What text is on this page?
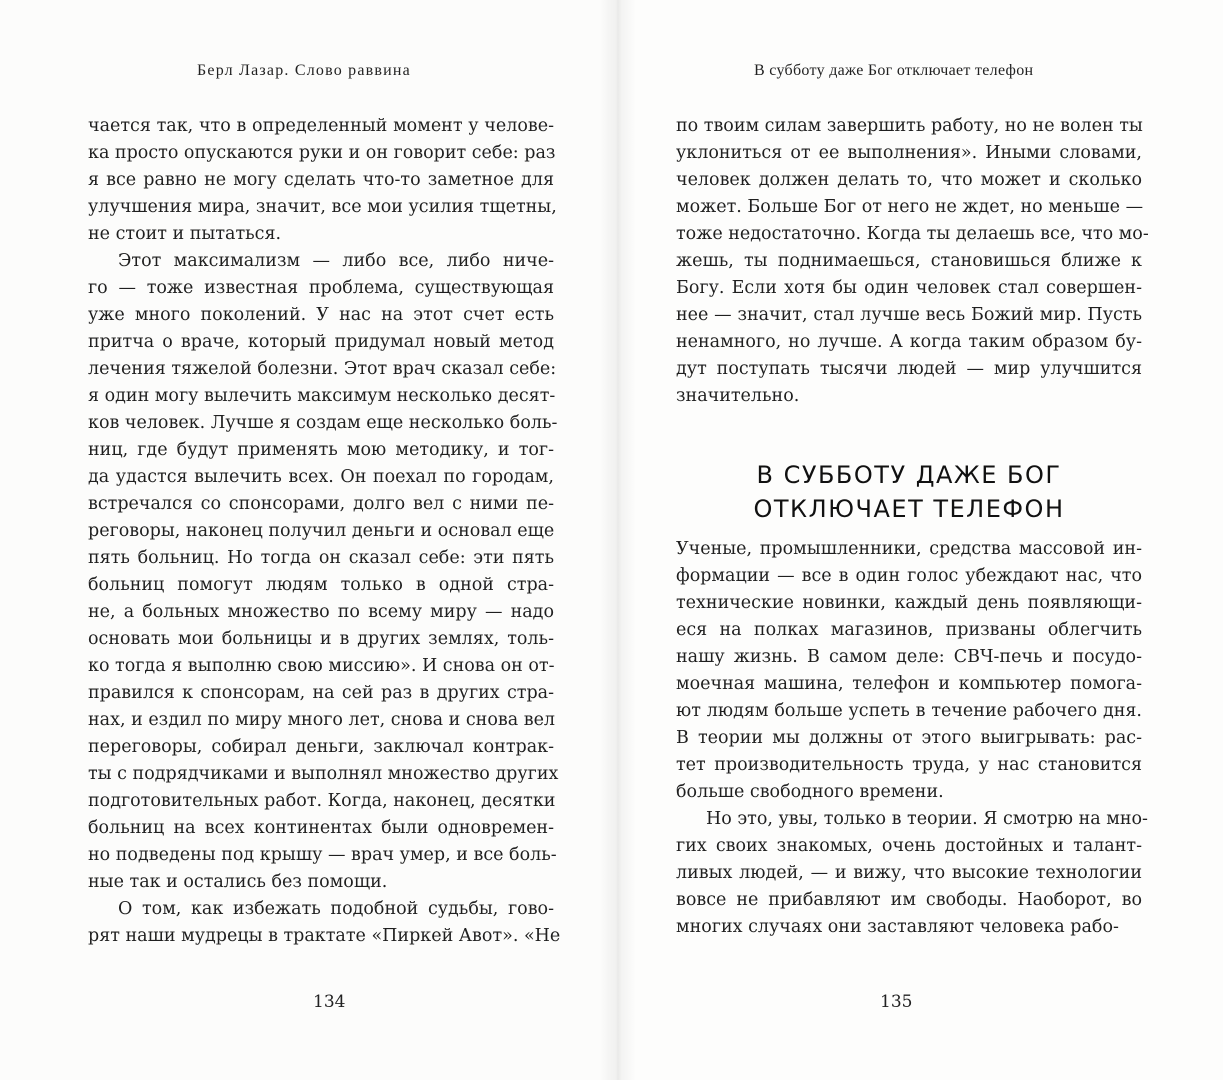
Берл Лазар. Слово раввина
чается так, что в определенный момент у челове-
ка просто опускаются руки и он говорит себе: раз
я все равно не могу сделать что-то заметное для
улучшения мира, значит, все мои усилия тщетны,
не стоит и пытаться.
Этот максимализм — либо все, либо ниче-
го — тоже известная проблема, существующая
уже много поколений. У нас на этот счет есть
притча о враче, который придумал новый метод
лечения тяжелой болезни. Этот врач сказал себе:
я один могу вылечить максимум несколько десят-
ков человек. Лучше я создам еще несколько боль-
ниц, где будут применять мою методику, и тог-
да удастся вылечить всех. Он поехал по городам,
встречался со спонсорами, долго вел с ними пе-
реговоры, наконец получил деньги и основал еще
пять больниц. Но тогда он сказал себе: эти пять
больниц помогут людям только в одной стра-
не, а больных множество по всему миру — надо
основать мои больницы и в других землях, толь-
ко тогда я выполню свою миссию». И снова он от-
правился к спонсорам, на сей раз в других стра-
нах, и ездил по миру много лет, снова и снова вел
переговоры, собирал деньги, заключал контрак-
ты с подрядчиками и выполнял множество других
подготовительных работ. Когда, наконец, десятки
больниц на всех континентах были одновремен-
но подведены под крышу — врач умер, и все боль-
ные так и остались без помощи.
О том, как избежать подобной судьбы, гово-
рят наши мудрецы в трактате «Пиркей Авот». «Не
134
В субботу даже Бог отключает телефон
по твоим силам завершить работу, но не волен ты
уклониться от ее выполнения». Иными словами,
человек должен делать то, что может и сколько
может. Больше Бог от него не ждет, но меньше —
тоже недостаточно. Когда ты делаешь все, что мо-
жешь, ты поднимаешься, становишься ближе к
Богу. Если хотя бы один человек стал совершен-
нее — значит, стал лучше весь Божий мир. Пусть
ненамного, но лучше. А когда таким образом бу-
дут поступать тысячи людей — мир улучшится
значительно.
В СУББОТУ ДАЖЕ БОГ
ОТКЛЮЧАЕТ ТЕЛЕФОН
Ученые, промышленники, средства массовой ин-
формации — все в один голос убеждают нас, что
технические новинки, каждый день появляющи-
еся на полках магазинов, призваны облегчить
нашу жизнь. В самом деле: СВЧ-печь и посудо-
моечная машина, телефон и компьютер помога-
ют людям больше успеть в течение рабочего дня.
В теории мы должны от этого выигрывать: рас-
тет производительность труда, у нас становится
больше свободного времени.
Но это, увы, только в теории. Я смотрю на мно-
гих своих знакомых, очень достойных и талант-
ливых людей, — и вижу, что высокие технологии
вовсе не прибавляют им свободы. Наоборот, во
многих случаях они заставляют человека рабо-
135
